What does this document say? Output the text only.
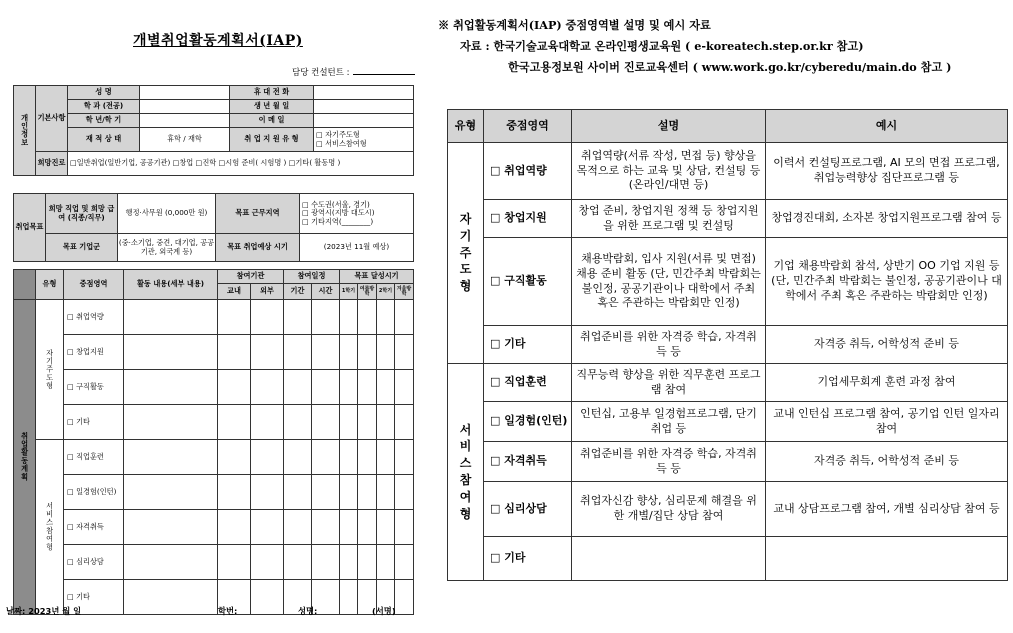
개별취업활동계획서(IAP)
담당 컨설턴트 :
개인정보	기본사항	성 명		휴 대 전 화	
		학 과 (전공)		생 년 월 일	
		학 년/학 기		이 메 일	
		재 적 상 태	휴학 / 재학	취 업 지 원 유 형	□ 자기주도형
□ 서비스참여형

	희망진로	□일반취업(일반기업, 공공기관) □창업 □진학 □시험 준비( 시험명 ) □기타( 활동명 )			
취업목표	희망 직업 및 희망 급여 (직종/직무)	행정·사무원 (0,000만 원)	목표 근무지역	□ 수도권(서울, 경기)
□ 광역시(지방 대도시)
□ 기타지역(________)

	목표 기업군	(중·소기업, 중견, 대기업, 공공기관, 외국계 등)	목표 취업예상 시기	(2023년 11월 예상)
	유형	중점영역	활동 내용(세부 내용)	참여기관		참여일정		목표 달성시기			
				교내	외부	기간	시간	1학기	여름방학	2학기	겨울방학
취업활동계획	자기주도형	□ 취업역량									
		□ 창업지원									
		□ 구직활동									
		□ 기타									
	서비스참여형	□ 직업훈련									
		□ 일경험(인턴)									
		□ 자격취득									
		□ 심리상담									
		□ 기타									
날짜: 2023년 월 일	학번:	성명:	(서명)
※ 취업활동계획서(IAP) 중점영역별 설명 및 예시 자료
자료 : 한국기술교육대학교 온라인평생교육원 ( e-koreatech.step.or.kr 참고)
한국고용정보원 사이버 진로교육센터 ( www.work.go.kr/cyberedu/main.do 참고 )
유형	중점영역	설명	예시
자기주도형	□ 취업역량	취업역량(서류 작성, 면접 등) 향상을 목적으로 하는 교육 및 상담, 컨설팅 등(온라인/대면 등)	이력서 컨설팅프로그램, AI 모의 면접 프로그램, 취업능력향상 집단프로그램 등
	□ 창업지원	창업 준비, 창업지원 정책 등 창업지원을 위한 프로그램 및 컨설팅	창업경진대회, 소자본 창업지원프로그램 참여 등
	□ 구직활동	채용박람회, 입사 지원(서류 및 면접) 채용 준비 활동 (단, 민간주최 박람회는 불인정, 공공기관이나 대학에서 주최 혹은 주관하는 박람회만 인정)	기업 채용박람회 참석, 상반기 OO 기업 지원 등 (단, 민간주최 박람회는 불인정, 공공기관이나 대학에서 주최 혹은 주관하는 박람회만 인정)
	□ 기타	취업준비를 위한 자격증 학습, 자격취득 등	자격증 취득, 어학성적 준비 등
서비스참여형	□ 직업훈련	직무능력 향상을 위한 직무훈련 프로그램 참여	기업세무회계 훈련 과정 참여
	□ 일경험(인턴)	인턴십, 고용부 일경험프로그램, 단기 취업 등	교내 인턴십 프로그램 참여, 공기업 인턴 일자리 참여
	□ 자격취득	취업준비를 위한 자격증 학습, 자격취득 등	자격증 취득, 어학성적 준비 등
	□ 심리상담	취업자신감 향상, 심리문제 해결을 위한 개별/집단 상담 참여	교내 상담프로그램 참여, 개별 심리상담 참여 등
	□ 기타		
